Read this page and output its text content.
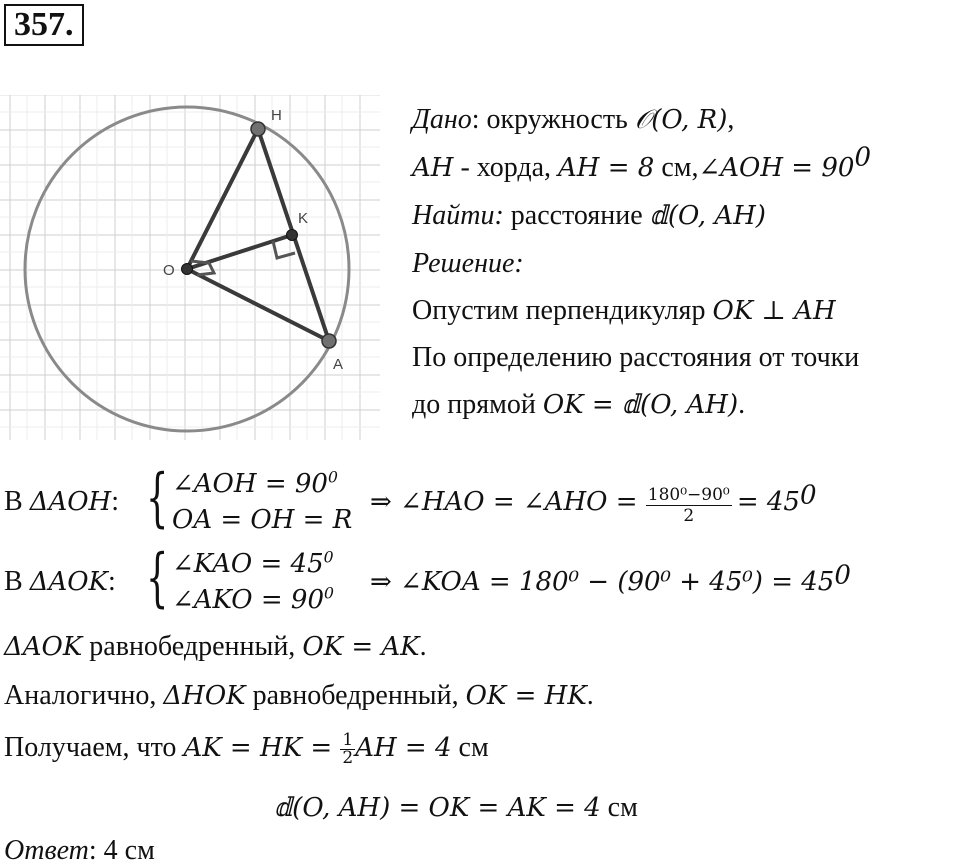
357.
H
K
O
A
Дано: окружность 𝒪(O, R),
AH - хорда, AH = 8 см,∠AOH = $90^0$
Найти: расстояние 𝕕(O, AH)
Решение:
Опустим перпендикуляр OK ⊥ AH
По определению расстояния от точки
до прямой OK = 𝕕(O, AH).
В ΔAOH: { ∠AOH = $90^0$
OA = OH = R
⇒ ∠HAO = ∠AHO = $\frac{\text{180⁰−90⁰}}{2} = 45^0$
В ΔAOK: { ∠KAO = $45^0$
∠AKO = $90^0$ ⇒ ∠KOA = $180^0 - (90^0 + 45^0) = 45^0$
ΔAOK равнобедренный, OK = AK.
Аналогично, ΔHOK равнобедренный, OK = HK.
Получаем, что AK = HK = $\frac{1}{2}$ AH = 4 см
𝕕(O, AH) = OK = AK = 4 см
Ответ: 4 см
